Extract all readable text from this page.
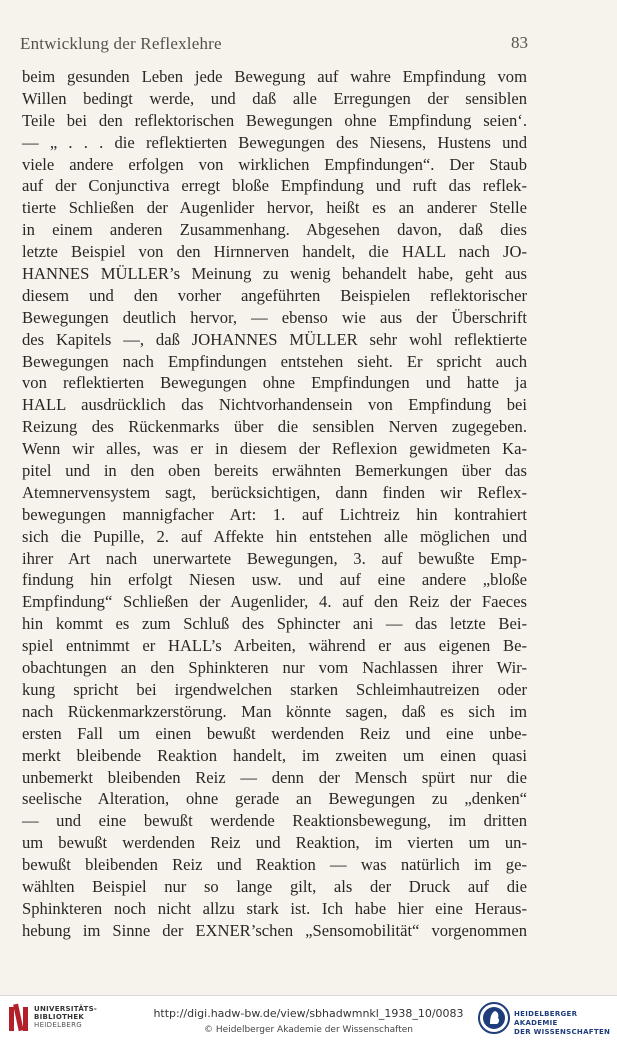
Entwicklung der Reflexlehre	83
beim gesunden Leben jede Bewegung auf wahre Empfindung vom
Willen bedingt werde, und daß alle Erregungen der sensiblen
Teile bei den reflektorischen Bewegungen ohne Empfindung seien‘.
— „ . . . die reflektierten Bewegungen des Niesens, Hustens und
viele andere erfolgen von wirklichen Empfindungen“. Der Staub
auf der Conjunctiva erregt bloße Empfindung und ruft das reflek-
tierte Schließen der Augenlider hervor, heißt es an anderer Stelle
in einem anderen Zusammenhang. Abgesehen davon, daß dies
letzte Beispiel von den Hirnnerven handelt, die HALL nach JO-
HANNES MÜLLER’s Meinung zu wenig behandelt habe, geht aus
diesem und den vorher angeführten Beispielen reflektorischer
Bewegungen deutlich hervor, — ebenso wie aus der Überschrift
des Kapitels —, daß JOHANNES MÜLLER sehr wohl reflektierte
Bewegungen nach Empfindungen entstehen sieht. Er spricht auch
von reflektierten Bewegungen ohne Empfindungen und hatte ja
HALL ausdrücklich das Nichtvorhandensein von Empfindung bei
Reizung des Rückenmarks über die sensiblen Nerven zugegeben.
Wenn wir alles, was er in diesem der Reflexion gewidmeten Ka-
pitel und in den oben bereits erwähnten Bemerkungen über das
Atemnervensystem sagt, berücksichtigen, dann finden wir Reflex-
bewegungen mannigfacher Art: 1. auf Lichtreiz hin kontrahiert
sich die Pupille, 2. auf Affekte hin entstehen alle möglichen und
ihrer Art nach unerwartete Bewegungen, 3. auf bewußte Emp-
findung hin erfolgt Niesen usw. und auf eine andere „bloße
Empfindung“ Schließen der Augenlider, 4. auf den Reiz der Faeces
hin kommt es zum Schluß des Sphincter ani — das letzte Bei-
spiel entnimmt er HALL’s Arbeiten, während er aus eigenen Be-
obachtungen an den Sphinkteren nur vom Nachlassen ihrer Wir-
kung spricht bei irgendwelchen starken Schleimhautreizen oder
nach Rückenmarkzerstörung. Man könnte sagen, daß es sich im
ersten Fall um einen bewußt werdenden Reiz und eine unbe-
merkt bleibende Reaktion handelt, im zweiten um einen quasi
unbemerkt bleibenden Reiz — denn der Mensch spürt nur die
seelische Alteration, ohne gerade an Bewegungen zu „denken“
— und eine bewußt werdende Reaktionsbewegung, im dritten
um bewußt werdenden Reiz und Reaktion, im vierten um un-
bewußt bleibenden Reiz und Reaktion — was natürlich im ge-
wählten Beispiel nur so lange gilt, als der Druck auf die
Sphinkteren noch nicht allzu stark ist. Ich habe hier eine Heraus-
hebung im Sinne der EXNER’schen „Sensomobilität“ vorgenommen
UNIVERSITÄTS-
BIBLIOTHEK
HEIDELBERG
http://digi.hadw-bw.de/view/sbhadwmnkl_1938_10/0083
© Heidelberger Akademie der Wissenschaften
HEIDELBERGER AKADEMIE
DER WISSENSCHAFTEN
